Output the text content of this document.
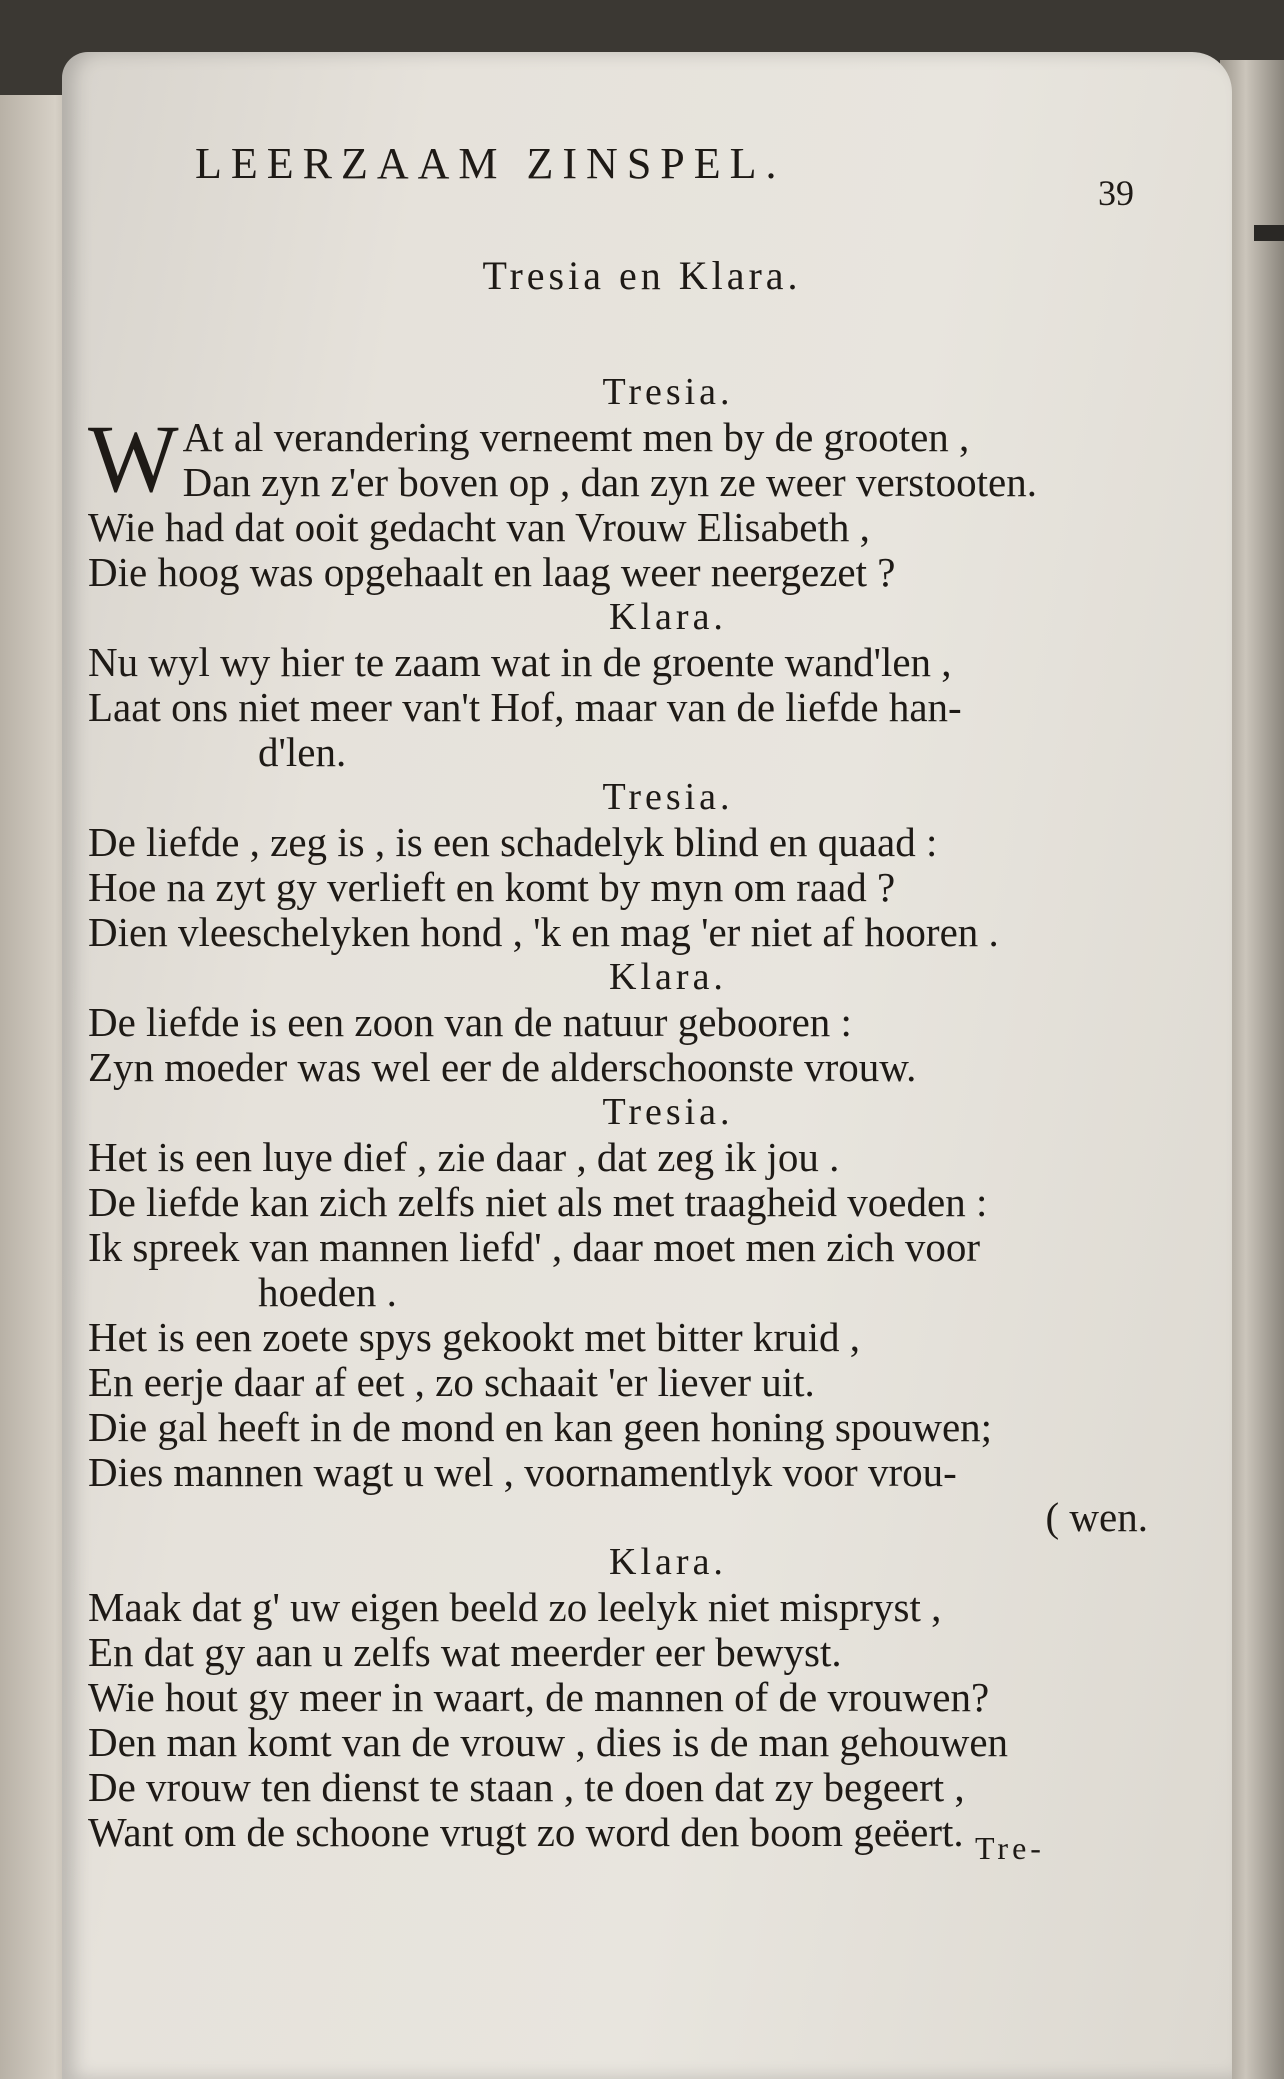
LEERZAAM ZINSPEL.
39
Tresia en Klara.
Tresia.
W At al verandering verneemt men by de grooten ,
Dan zyn z'er boven op , dan zyn ze weer verstooten.
Wie had dat ooit gedacht van Vrouw Elisabeth ,
Die hoog was opgehaalt en laag weer neergezet ?
Klara.
Nu wyl wy hier te zaam wat in de groente wand'len ,
Laat ons niet meer van't Hof, maar van de liefde han-
d'len.
Tresia.
De liefde , zeg is , is een schadelyk blind en quaad :
Hoe na zyt gy verlieft en komt by myn om raad ?
Dien vleeschelyken hond , 'k en mag 'er niet af hooren .
Klara.
De liefde is een zoon van de natuur gebooren :
Zyn moeder was wel eer de alderschoonste vrouw.
Tresia.
Het is een luye dief , zie daar , dat zeg ik jou .
De liefde kan zich zelfs niet als met traagheid voeden :
Ik spreek van mannen liefd' , daar moet men zich voor
hoeden .
Het is een zoete spys gekookt met bitter kruid ,
En eerje daar af eet , zo schaait 'er liever uit.
Die gal heeft in de mond en kan geen honing spouwen;
Dies mannen wagt u wel , voornamentlyk voor vrou-
( wen.
Klara.
Maak dat g' uw eigen beeld zo leelyk niet mispryst ,
En dat gy aan u zelfs wat meerder eer bewyst.
Wie hout gy meer in waart, de mannen of de vrouwen?
Den man komt van de vrouw , dies is de man gehouwen
De vrouw ten dienst te staan , te doen dat zy begeert ,
Want om de schoone vrugt zo word den boom geëert. Tre-
